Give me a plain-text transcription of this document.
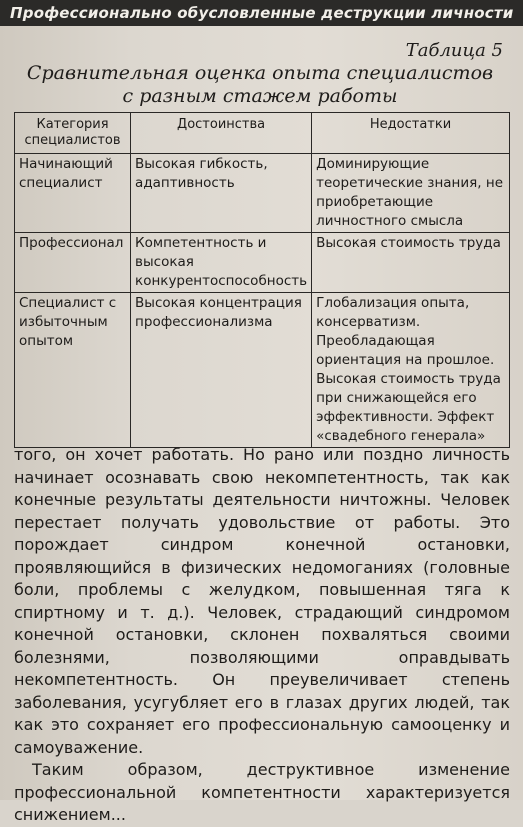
Профессионально обусловленные деструкции личности
Таблица 5
Сравнительная оценка опыта специалистов
с разным стажем работы
Категория специалистов	Достоинства	Недостатки
Начинающий специалист	Высокая гибкость, адаптивность	Доминирующие теоретические знания, не приобретающие личностного смысла
Профессионал	Компетентность и высокая конкурентоспособность	Высокая стоимость труда
Специалист с избыточным опытом	Высокая концентрация профессионализма	Глобализация опыта, консерватизм. Преобладающая ориентация на прошлое. Высокая стоимость труда при снижающейся его эффективности. Эффект «свадебного генерала»

того, он хочет работать. Но рано или поздно личность начинает осознавать свою некомпетентность, так как конечные результаты деятельности ничтожны. Человек перестает получать удовольствие от работы. Это порождает синдром конечной остановки, проявляющийся в физических недомоганиях (головные боли, проблемы с желудком, повышенная тяга к спиртному и т. д.). Человек, страдающий синдромом конечной остановки, склонен похваляться своими болезнями, позволяющими оправдывать некомпетентность. Он преувеличивает степень заболевания, усугубляет его в глазах других людей, так как это сохраняет его профессиональную самооценку и самоуважение.

Таким образом, деструктивное изменение профессиональной компетентности характеризуется снижением...
